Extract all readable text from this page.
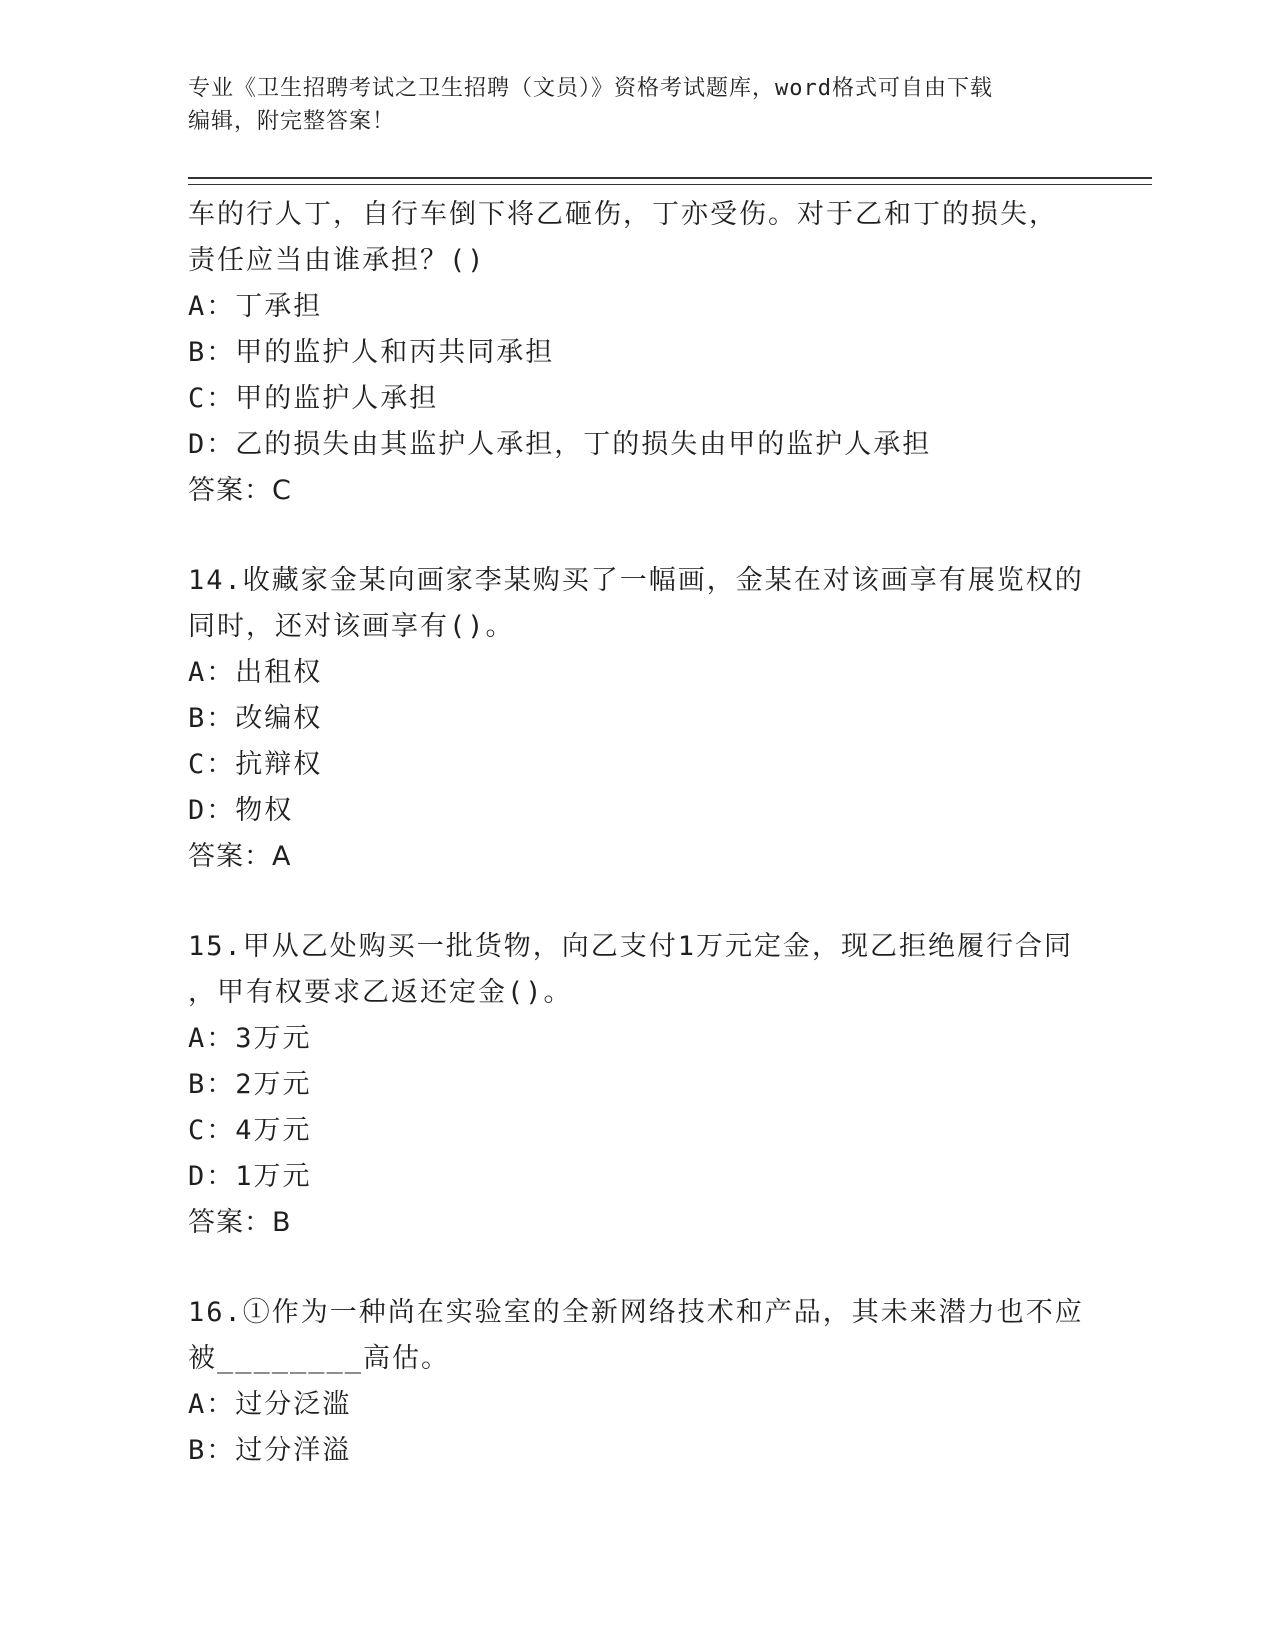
专业《卫生招聘考试之卫生招聘（文员）》资格考试题库，word格式可自由下载
编辑，附完整答案！
车的行人丁，自行车倒下将乙砸伤，丁亦受伤。对于乙和丁的损失，
责任应当由谁承担？()
A：丁承担
B：甲的监护人和丙共同承担
C：甲的监护人承担
D：乙的损失由其监护人承担，丁的损失由甲的监护人承担
答案：C
14.收藏家金某向画家李某购买了一幅画，金某在对该画享有展览权的
同时，还对该画享有()。
A：出租权
B：改编权
C：抗辩权
D：物权
答案：A
15.甲从乙处购买一批货物，向乙支付1万元定金，现乙拒绝履行合同
，甲有权要求乙返还定金()。
A：3万元
B：2万元
C：4万元
D：1万元
答案：B
16.①作为一种尚在实验室的全新网络技术和产品，其未来潜力也不应
被________高估。
A：过分泛滥
B：过分洋溢
